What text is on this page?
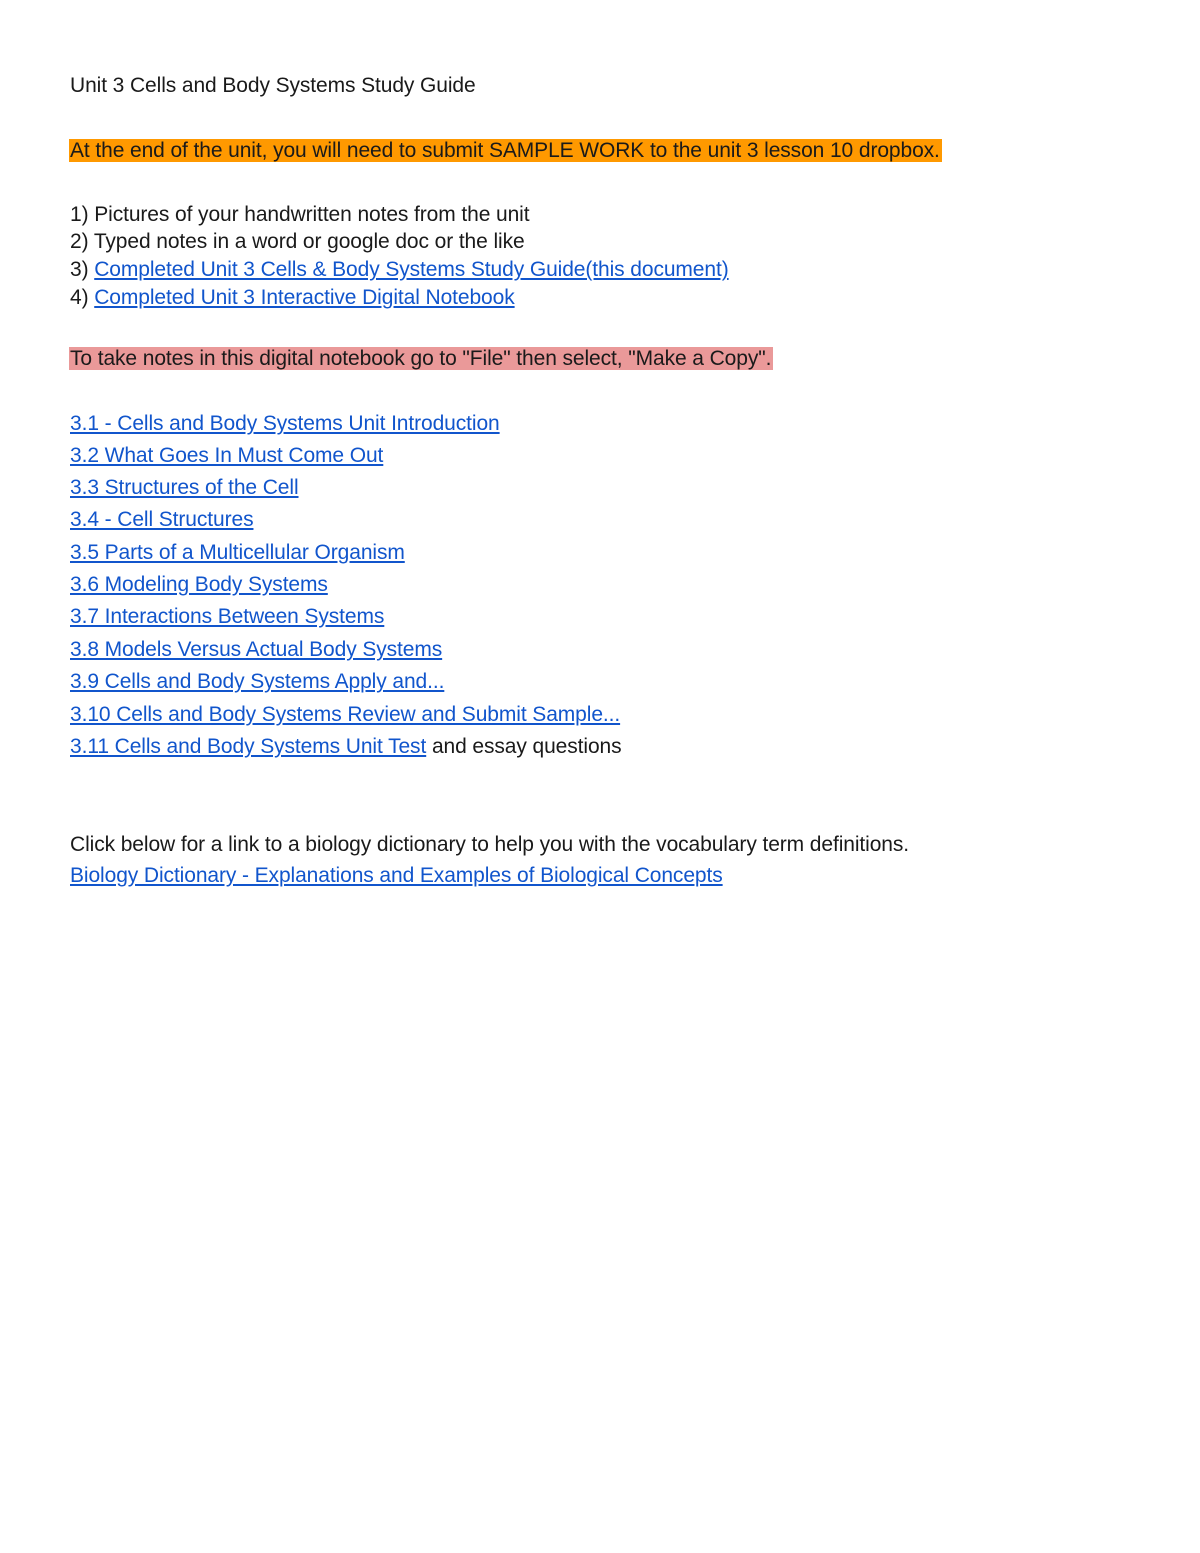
Unit 3 Cells and Body Systems Study Guide
At the end of the unit, you will need to submit SAMPLE WORK to the unit 3 lesson 10 dropbox.
1) Pictures of your handwritten notes from the unit
2) Typed notes in a word or google doc or the like
3) Completed Unit 3 Cells & Body Systems Study Guide(this document)
4) Completed Unit 3 Interactive Digital Notebook
To take notes in this digital notebook go to "File" then select, "Make a Copy".
3.1 - Cells and Body Systems Unit Introduction
3.2 What Goes In Must Come Out
3.3 Structures of the Cell
3.4 - Cell Structures
3.5 Parts of a Multicellular Organism
3.6 Modeling Body Systems
3.7 Interactions Between Systems
3.8 Models Versus Actual Body Systems
3.9 Cells and Body Systems Apply and...
3.10 Cells and Body Systems Review and Submit Sample...
3.11 Cells and Body Systems Unit Test and essay questions
Click below for a link to a biology dictionary to help you with the vocabulary term definitions.
Biology Dictionary - Explanations and Examples of Biological Concepts
